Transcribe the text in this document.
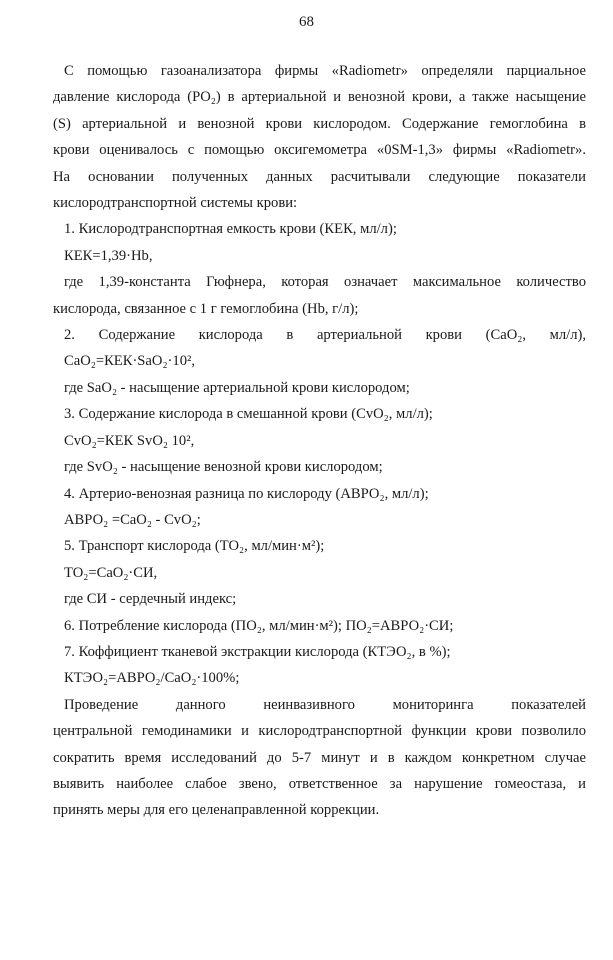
68

С помощью газоанализатора фирмы «Radiometr» определяли парциальное

давление кислорода (PO₂) в артериальной и венозной крови, а также насыщение

(S) артериальной и венозной крови кислородом. Содержание гемоглобина в

крови оценивалось с помощью оксигемометра «0SM-1,3» фирмы «Radiometr».

На основании полученных данных расчитывали следующие показатели

кислородтранспортной системы крови:

1. Кислородтранспортная емкость крови (КЕК, мл/л);

КЕК=1,39·Hb,

где 1,39-константа Гюфнера, которая означает максимальное количество

кислорода, связанное с 1 г гемоглобина (Hb, г/л);

2. Содержание кислорода в артериальной крови (CaO₂, мл/л),

CaO₂=КЕК·SaO₂·10²,

где SaO₂ - насыщение артериальной крови кислородом;

3. Содержание кислорода в смешанной крови (CvO₂, мл/л);

CvO₂=КЕК SvO₂ 10²,

где SvO₂ - насыщение венозной крови кислородом;

4. Артерио-венозная разница по кислороду (АВРО₂, мл/л);

АВРО₂ =CaO₂ - CvO₂;

5. Транспорт кислорода (ТО₂, мл/мин·м²);

ТО₂=CaO₂·СИ,

где СИ - сердечный индекс;

6. Потребление кислорода (ПО₂, мл/мин·м²); ПО₂=АВРО₂·СИ;

7. Коффициент тканевой экстракции кислорода (КТЭО₂, в %);

КТЭО₂=АВРО₂/CaO₂·100%;

Проведение данного неинвазивного мониторинга показателей

центральной гемодинамики и кислородтранспортной функции крови позволило

сократить время исследований до 5-7 минут и в каждом конкретном случае

выявить наиболее слабое звено, ответственное за нарушение гомеостаза, и

принять меры для его целенаправленной коррекции.
